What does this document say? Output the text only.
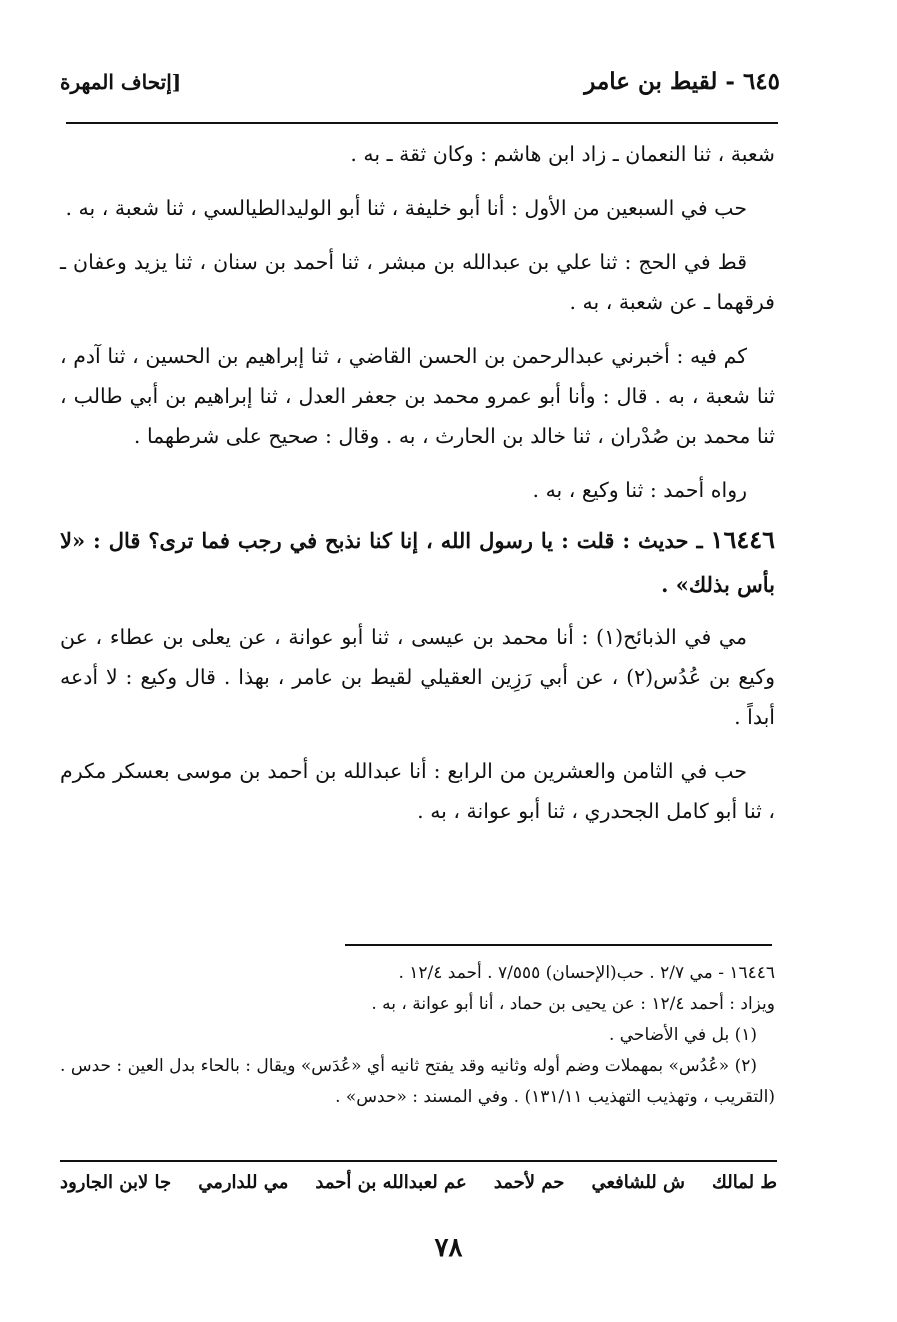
٦٤٥ - لقيط بن عامر
[إتحاف المهرة

شعبة ، ثنا النعمان ـ زاد ابن هاشم : وكان ثقة ـ به .

حب في السبعين من الأول : أنا أبو خليفة ، ثنا أبو الوليدالطيالسي ، ثنا شعبة ، به .

قط في الحج : ثنا علي بن عبدالله بن مبشر ، ثنا أحمد بن سنان ، ثنا يزيد وعفان ـ فرقهما ـ عن شعبة ، به .

كم فيه : أخبرني عبدالرحمن بن الحسن القاضي ، ثنا إبراهيم بن الحسين ، ثنا آدم ، ثنا شعبة ، به . قال : وأنا أبو عمرو محمد بن جعفر العدل ، ثنا إبراهيم بن أبي طالب ، ثنا محمد بن صُدْران ، ثنا خالد بن الحارث ، به . وقال : صحيح على شرطهما .

رواه أحمد : ثنا وكيع ، به .

١٦٤٤٦ ـ حديث : قلت : يا رسول الله ، إنا كنا نذبح في رجب فما ترى؟ قال : «لا بأس بذلك» .

مي في الذبائح(١) : أنا محمد بن عيسى ، ثنا أبو عوانة ، عن يعلى بن عطاء ، عن وكيع بن عُدُس(٢) ، عن أبي رَزِين العقيلي لقيط بن عامر ، بهذا . قال وكيع : لا أدعه أبداً .

حب في الثامن والعشرين من الرابع : أنا عبدالله بن أحمد بن موسى بعسكر مكرم ، ثنا أبو كامل الجحدري ، ثنا أبو عوانة ، به .

١٦٤٤٦ - مي ٢/٧ . حب(الإحسان) ٧/٥٥٥ . أحمد ١٢/٤ .

ويزاد : أحمد ١٢/٤ : عن يحيى بن حماد ، أنا أبو عوانة ، به .

(١) بل في الأضاحي .

(٢) «عُدُس» بمهملات وضم أوله وثانيه وقد يفتح ثانيه أي «عُدَس» ويقال : بالحاء بدل العين : حدس . (التقريب ، وتهذيب التهذيب ١٣١/١١) . وفي المسند : «حدس» .

ط لمالك
ش للشافعي
حم لأحمد
عم لعبدالله بن أحمد
مي للدارمي
جا لابن الجارود
٧٨
